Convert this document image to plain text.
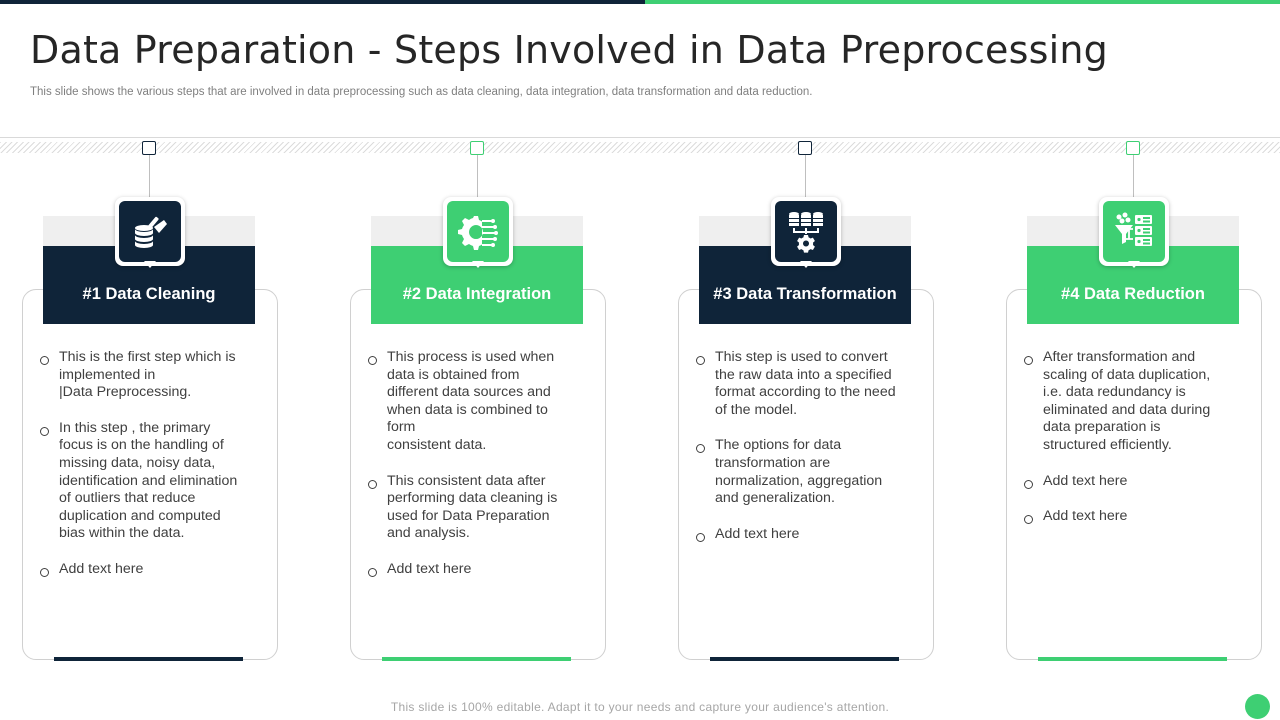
Data Preparation - Steps Involved in Data Preprocessing

This slide shows the various steps that are involved in data preprocessing such as data cleaning, data integration, data transformation and data reduction.

#1 Data Cleaning
This is the first step which is implemented in
|Data Preprocessing.
In this step , the primary focus is on the handling of missing data, noisy data, identification and elimination of outliers that reduce duplication and computed bias within the data.
Add text here
#2 Data Integration
This process is used when data is obtained from different data sources and when data is combined to form
consistent data.
This consistent data after performing data cleaning is used for Data Preparation and analysis.
Add text here
#3 Data Transformation
This step is used to convert the raw data into a specified format according to the need of the model.
The options for data transformation are normalization, aggregation and generalization.
Add text here
#4 Data Reduction
After transformation and scaling of data duplication, i.e. data redundancy is eliminated and data during data preparation is
structured efficiently.
Add text here
Add text here

This slide is 100% editable. Adapt it to your needs and capture your audience's attention.
